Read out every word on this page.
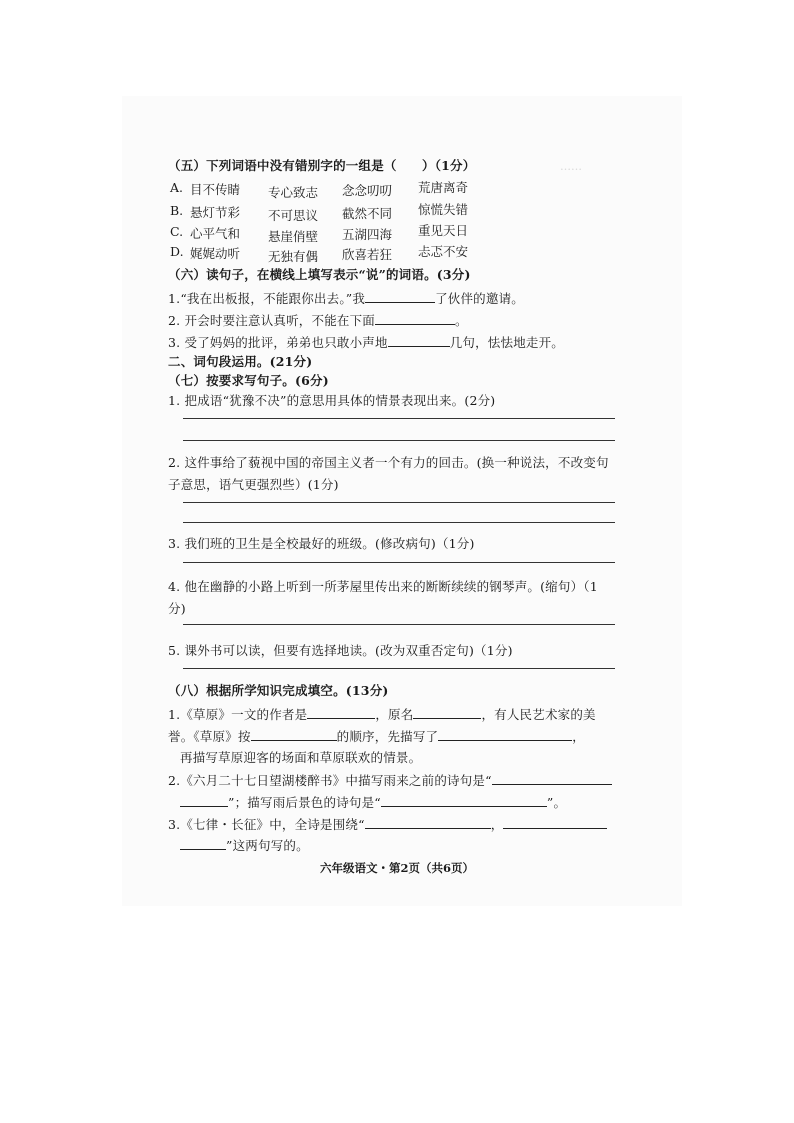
……
（五）下列词语中没有错别字的一组是（　　）（1分）
A. 目不传睛 专心致志 念念叨叨 荒唐离奇
B. 悬灯节彩 不可思议 截然不同 惊慌失错
C. 心平气和 悬崖俏壁 五湖四海 重见天日
D. 娓娓动听 无独有偶 欣喜若狂 忐忑不安
（六）读句子，在横线上填写表示“说”的词语。(3分)
1.“我在出板报，不能跟你出去。”我	了伙伴的邀请。
2. 开会时要注意认真听，不能在下面	。
3. 受了妈妈的批评，弟弟也只敢小声地	几句，怯怯地走开。
二、词句段运用。(21分)
（七）按要求写句子。(6分)
1. 把成语“犹豫不决”的意思用具体的情景表现出来。(2分)
2. 这件事给了藐视中国的帝国主义者一个有力的回击。(换一种说法，不改变句
子意思，语气更强烈些）(1分)
3. 我们班的卫生是全校最好的班级。(修改病句)（1分)
4. 他在幽静的小路上听到一所茅屋里传出来的断断续续的钢琴声。(缩句）（1
分)
5. 课外书可以读，但要有选择地读。(改为双重否定句)（1分)
（八）根据所学知识完成填空。(13分)
1.《草原》一文的作者是	，原名	，有人民艺术家的美
誉。《草原》按	的顺序，先描写了	，
再描写草原迎客的场面和草原联欢的情景。
2.《六月二十七日望湖楼醉书》中描写雨来之前的诗句是“
”；描写雨后景色的诗句是“	”。
3.《七律・长征》中，全诗是围绕“	，
”这两句写的。
六年级语文・第2页（共6页）
